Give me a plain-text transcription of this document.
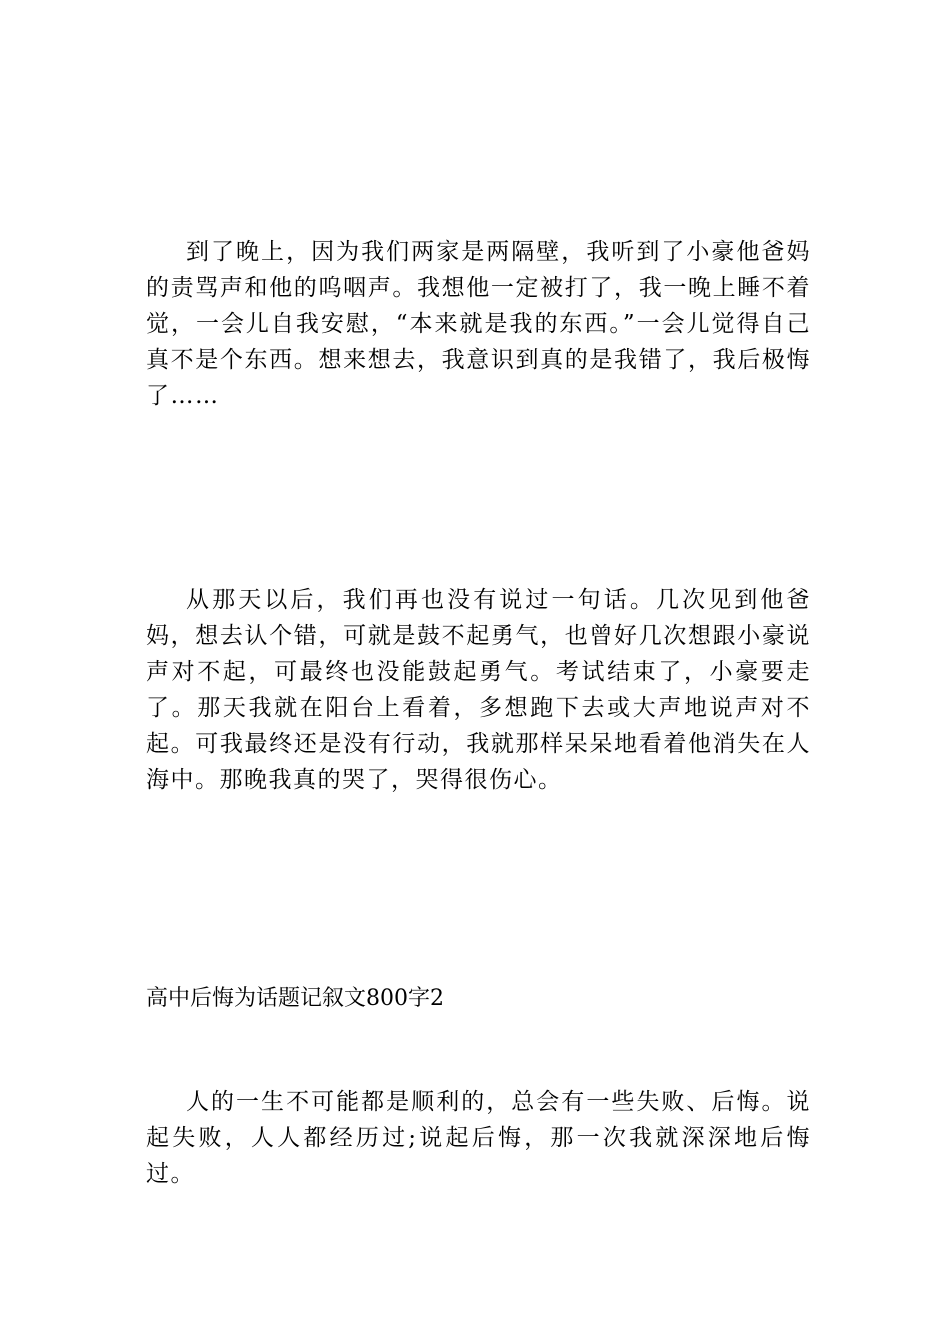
到了晚上，因为我们两家是两隔壁，我听到了小豪他爸妈的责骂声和他的呜咽声。我想他一定被打了，我一晚上睡不着觉，一会儿自我安慰，“本来就是我的东西。”一会儿觉得自己真不是个东西。想来想去，我意识到真的是我错了，我后极悔了……

从那天以后，我们再也没有说过一句话。几次见到他爸妈，想去认个错，可就是鼓不起勇气，也曾好几次想跟小豪说声对不起，可最终也没能鼓起勇气。考试结束了，小豪要走了。那天我就在阳台上看着，多想跑下去或大声地说声对不起。可我最终还是没有行动，我就那样呆呆地看着他消失在人海中。那晚我真的哭了，哭得很伤心。

高中后悔为话题记叙文800字2

人的一生不可能都是顺利的，总会有一些失败、后悔。说起失败，人人都经历过;说起后悔，那一次我就深深地后悔过。
